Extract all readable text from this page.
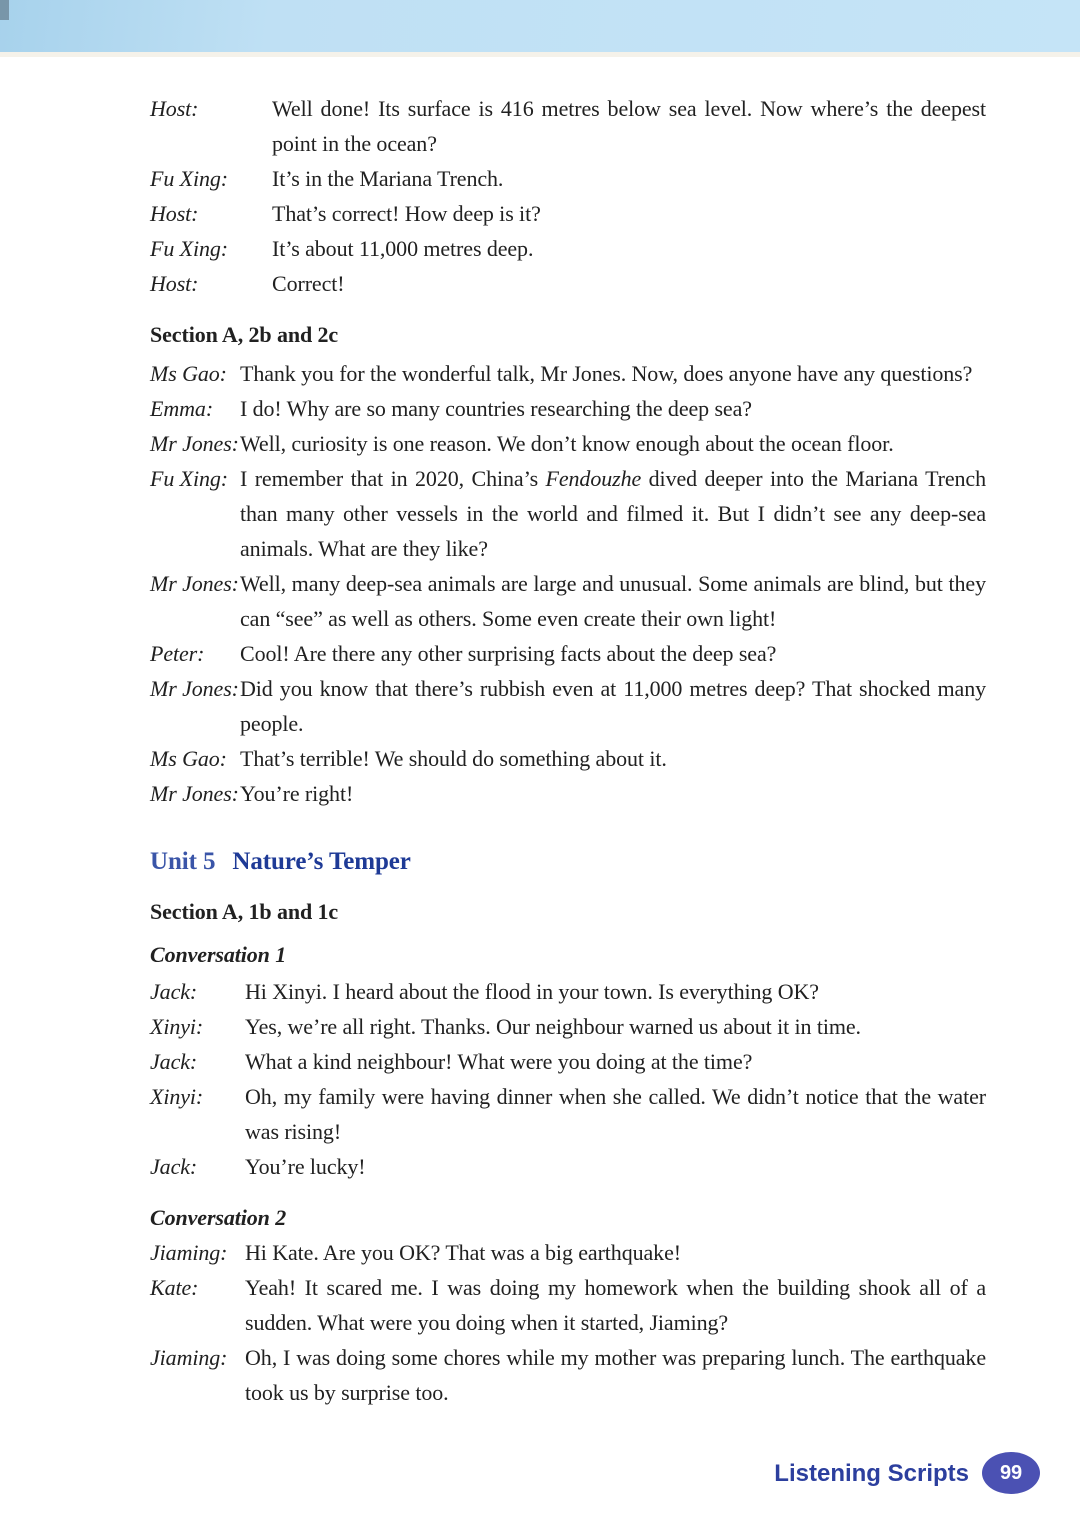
Host:	Well done! Its surface is 416 metres below sea level. Now where’s the deepest point in the ocean?
Fu Xing:	It’s in the Mariana Trench.
Host:	That’s correct! How deep is it?
Fu Xing:	It’s about 11,000 metres deep.
Host:	Correct!
Section A, 2b and 2c
Ms Gao: Thank you for the wonderful talk, Mr Jones. Now, does anyone have any questions?
Emma:	I do! Why are so many countries researching the deep sea?
Mr Jones: Well, curiosity is one reason. We don’t know enough about the ocean floor.
Fu Xing: I remember that in 2020, China’s Fendouzhe dived deeper into the Mariana Trench than many other vessels in the world and filmed it. But I didn’t see any deep-sea animals. What are they like?
Mr Jones: Well, many deep-sea animals are large and unusual. Some animals are blind, but they can “see” as well as others. Some even create their own light!
Peter:	Cool! Are there any other surprising facts about the deep sea?
Mr Jones: Did you know that there’s rubbish even at 11,000 metres deep? That shocked many people.
Ms Gao: That’s terrible! We should do something about it.
Mr Jones: You’re right!
Unit 5 Nature’s Temper
Section A, 1b and 1c
Conversation 1
Jack:	Hi Xinyi. I heard about the flood in your town. Is everything OK?
Xinyi:	Yes, we’re all right. Thanks. Our neighbour warned us about it in time.
Jack:	What a kind neighbour! What were you doing at the time?
Xinyi:	Oh, my family were having dinner when she called. We didn’t notice that the water was rising!
Jack:	You’re lucky!
Conversation 2
Jiaming: Hi Kate. Are you OK? That was a big earthquake!
Kate:	Yeah! It scared me. I was doing my homework when the building shook all of a sudden. What were you doing when it started, Jiaming?
Jiaming: Oh, I was doing some chores while my mother was preparing lunch. The earthquake took us by surprise too.
Listening Scripts	99
